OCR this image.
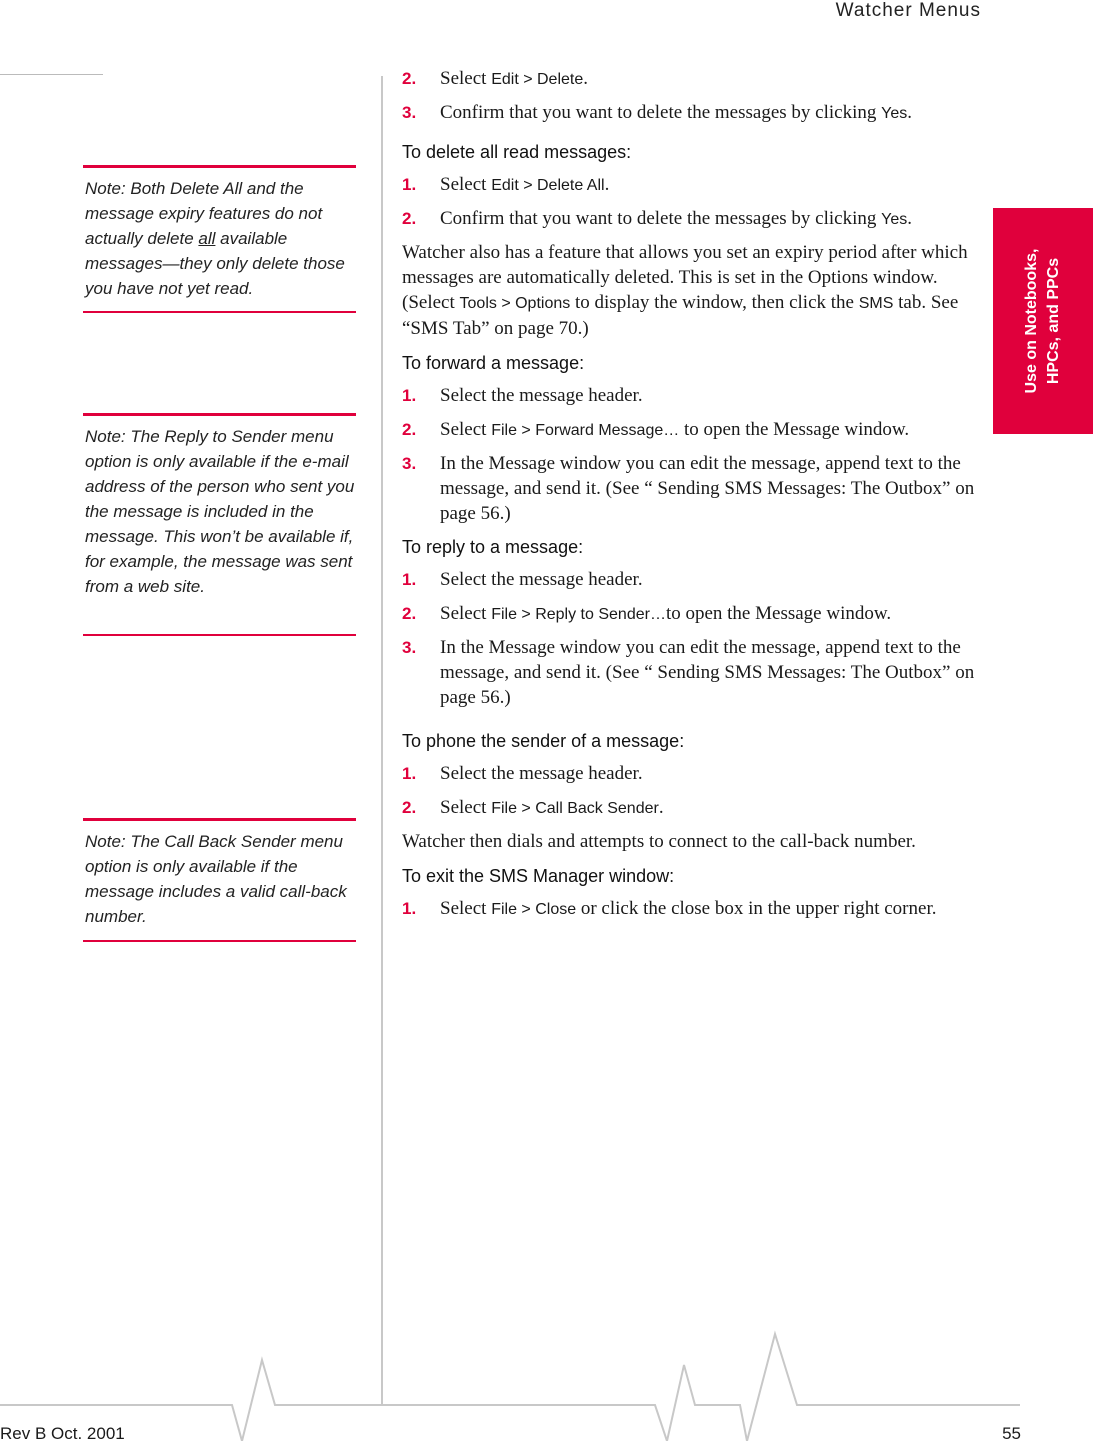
Watcher Menus
Use on Notebooks, HPCs, and PPCs
Note: Both Delete All and the message expiry features do not actually delete all available messages—they only delete those you have not yet read.
Note: The Reply to Sender menu option is only available if the e-mail address of the person who sent you the message is included in the message. This won’t be available if, for example, the message was sent from a web site.
Note: The Call Back Sender menu option is only available if the message includes a valid call-back number.
2.	Select Edit > Delete.
3.	Confirm that you want to delete the messages by clicking Yes.
To delete all read messages:
1.	Select Edit > Delete All.
2.	Confirm that you want to delete the messages by clicking Yes.
Watcher also has a feature that allows you set an expiry period after which messages are automatically deleted. This is set in the Options window. (Select Tools > Options to display the window, then click the SMS tab. See “SMS Tab” on page 70.)
To forward a message:
1.	Select the message header.
2.	Select File > Forward Message… to open the Message window.
3.	In the Message window you can edit the message, append text to the message, and send it. (See “ Sending SMS Messages: The Outbox” on page 56.)
To reply to a message:
1.	Select the message header.
2.	Select File > Reply to Sender…to open the Message window.
3.	In the Message window you can edit the message, append text to the message, and send it. (See “ Sending SMS Messages: The Outbox” on page 56.)
To phone the sender of a message:
1.	Select the message header.
2.	Select File > Call Back Sender.
Watcher then dials and attempts to connect to the call-back number.
To exit the SMS Manager window:
1.	Select File > Close or click the close box in the upper right corner.
Rev B Oct. 2001	55
